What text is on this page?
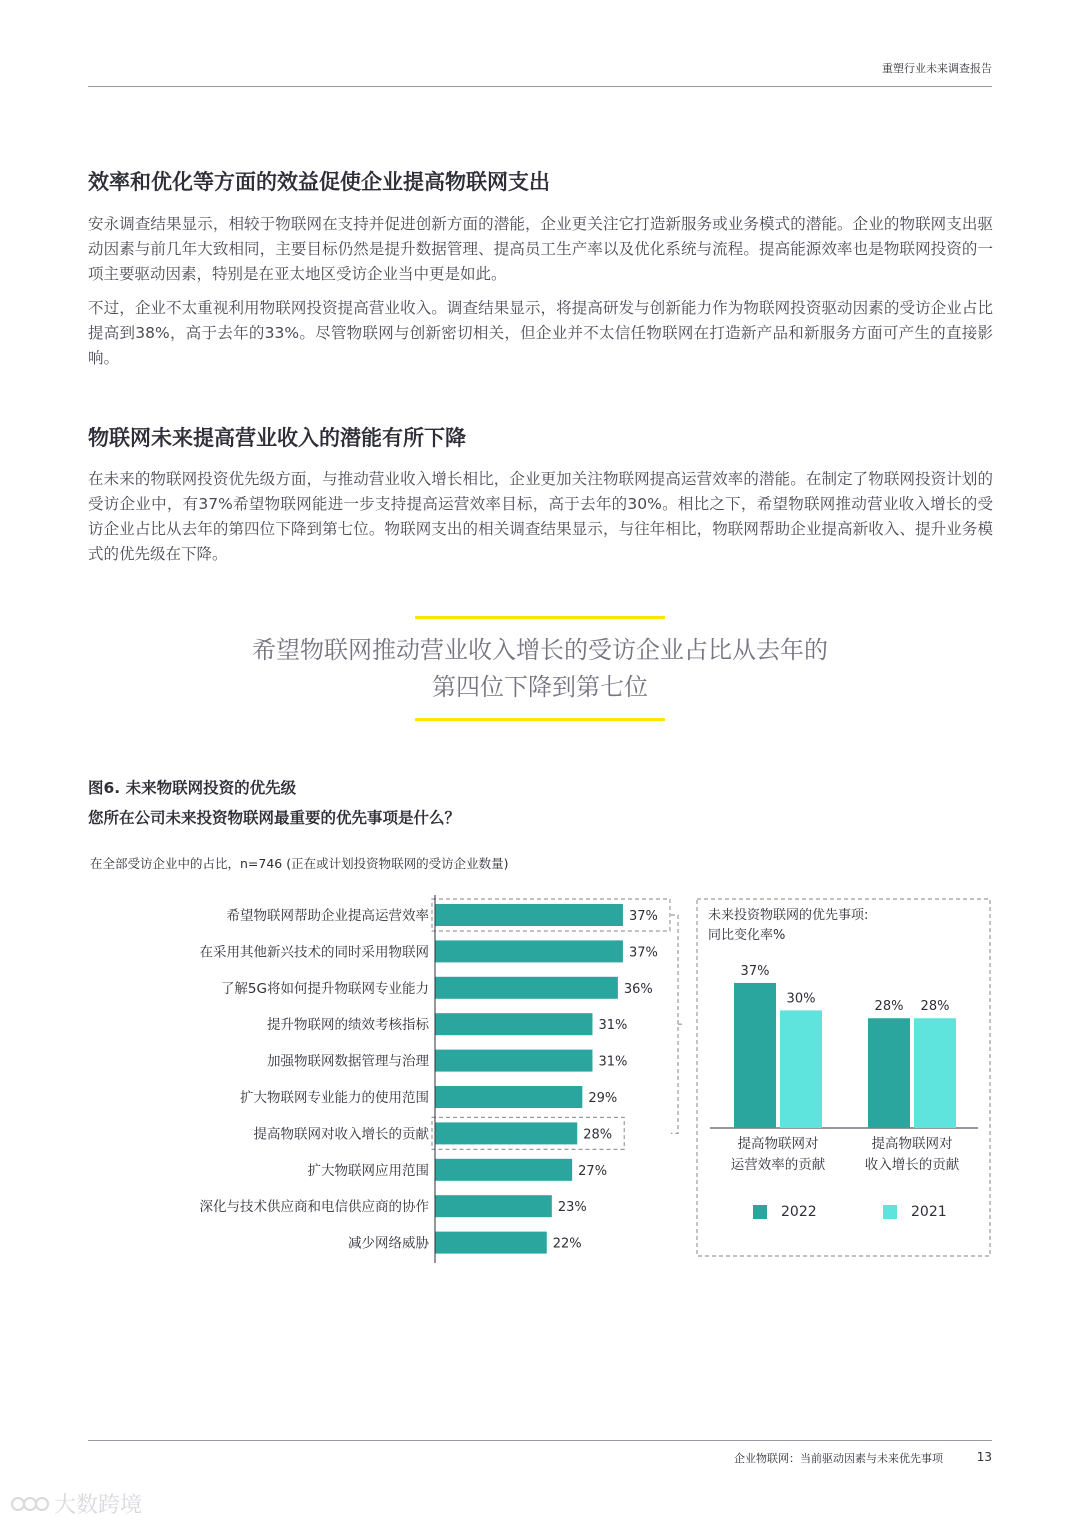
重塑行业未来调查报告
效率和优化等方面的效益促使企业提高物联网支出
安永调查结果显示，相较于物联网在支持并促进创新方面的潜能，企业更关注它打造新服务或业务模式的潜能。企业的物联网支出驱动因素与前几年大致相同，主要目标仍然是提升数据管理、提高员工生产率以及优化系统与流程。提高能源效率也是物联网投资的一项主要驱动因素，特别是在亚太地区受访企业当中更是如此。
不过，企业不太重视利用物联网投资提高营业收入。调查结果显示，将提高研发与创新能力作为物联网投资驱动因素的受访企业占比提高到38%，高于去年的33%。尽管物联网与创新密切相关，但企业并不太信任物联网在打造新产品和新服务方面可产生的直接影响。
物联网未来提高营业收入的潜能有所下降
在未来的物联网投资优先级方面，与推动营业收入增长相比，企业更加关注物联网提高运营效率的潜能。在制定了物联网投资计划的受访企业中，有37%希望物联网能进一步支持提高运营效率目标，高于去年的30%。相比之下，希望物联网推动营业收入增长的受访企业占比从去年的第四位下降到第七位。物联网支出的相关调查结果显示，与往年相比，物联网帮助企业提高新收入、提升业务模式的优先级在下降。
希望物联网推动营业收入增长的受访企业占比从去年的
第四位下降到第七位
图6. 未来物联网投资的优先级
您所在公司未来投资物联网最重要的优先事项是什么？
在全部受访企业中的占比，n=746 (正在或计划投资物联网的受访企业数量)
希望物联网帮助企业提高运营效率	37%
在采用其他新兴技术的同时采用物联网	37%
了解5G将如何提升物联网专业能力	36%
提升物联网的绩效考核指标	31%
加强物联网数据管理与治理	31%
扩大物联网专业能力的使用范围	29%
提高物联网对收入增长的贡献	28%
扩大物联网应用范围	27%
深化与技术供应商和电信供应商的协作	23%
减少网络威胁	22%
未来投资物联网的优先事项:
同比变化率%
37%
30%
提高物联网对
运营效率的贡献
28% 28%
提高物联网对
收入增长的贡献
2022	2021
企业物联网：当前驱动因素与未来优先事项	13
大数跨境
